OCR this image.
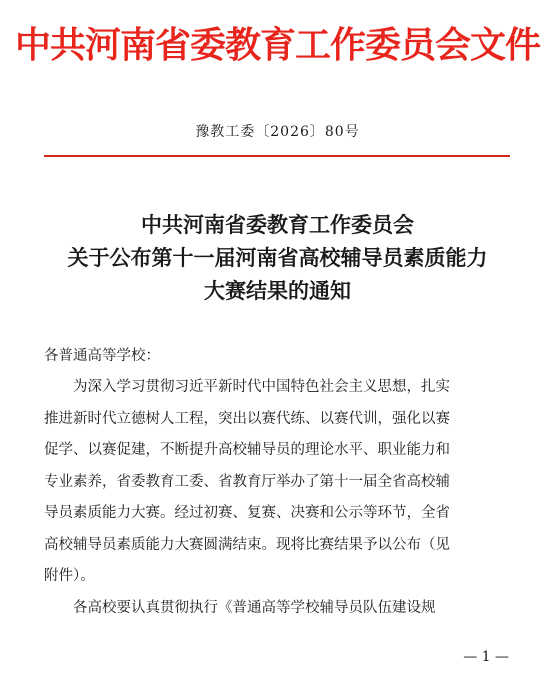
中共河南省委教育工作委员会文件
豫教工委〔2026〕80号
中共河南省委教育工作委员会
关于公布第十一届河南省高校辅导员素质能力
大赛结果的通知
各普通高等学校：
为深入学习贯彻习近平新时代中国特色社会主义思想，扎实
推进新时代立德树人工程，突出以赛代练、以赛代训，强化以赛
促学、以赛促建，不断提升高校辅导员的理论水平、职业能力和
专业素养，省委教育工委、省教育厅举办了第十一届全省高校辅
导员素质能力大赛。经过初赛、复赛、决赛和公示等环节，全省
高校辅导员素质能力大赛圆满结束。现将比赛结果予以公布（见
附件）。
各高校要认真贯彻执行《普通高等学校辅导员队伍建设规
— 1 —
